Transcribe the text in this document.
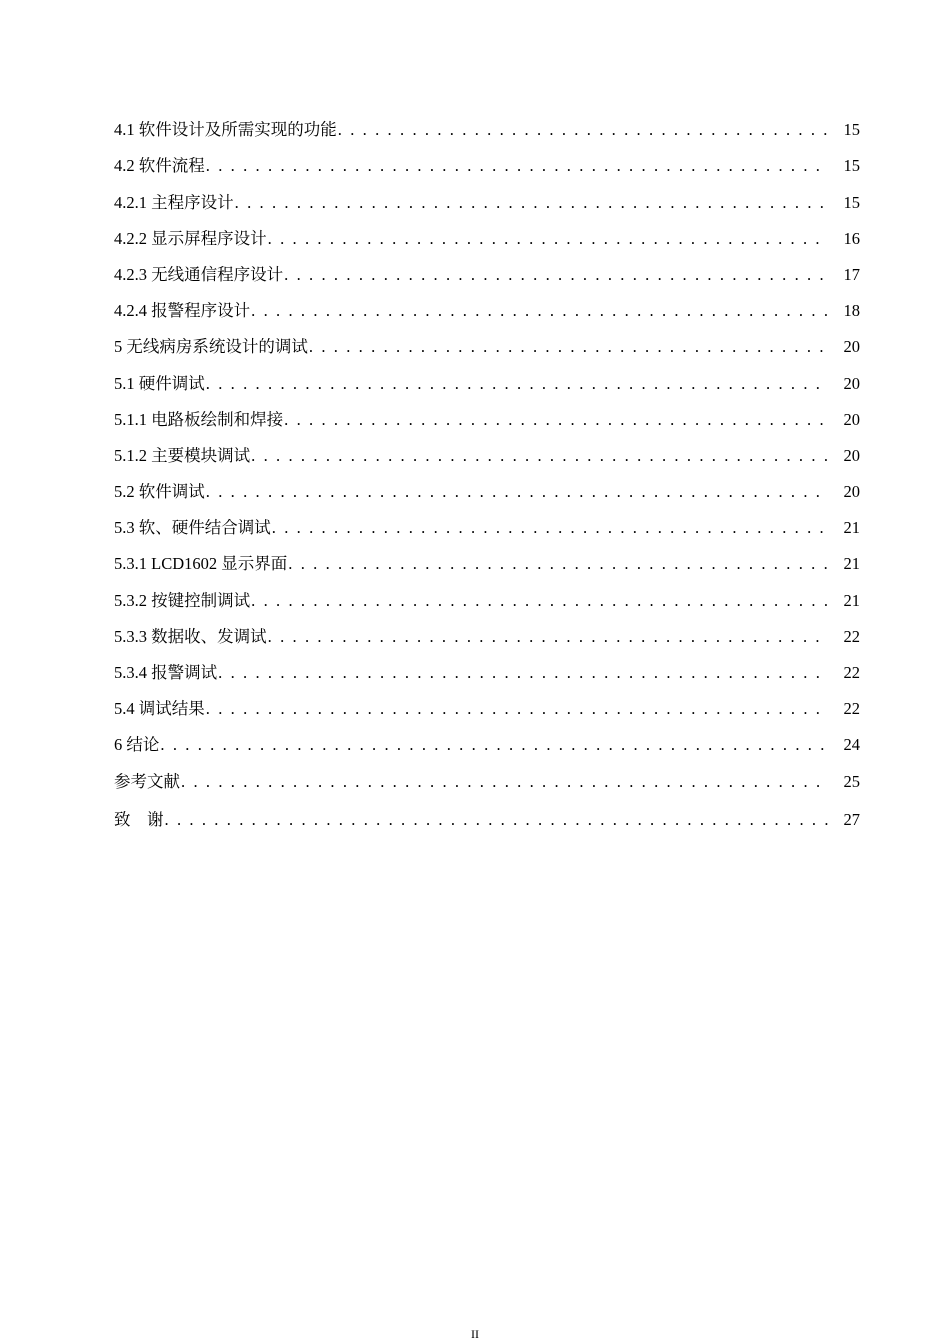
4.1 软件设计及所需实现的功能 . . .	15
4.2 软件流程 . . .	15
4.2.1 主程序设计 . . .	15
4.2.2 显示屏程序设计 . . .	16
4.2.3 无线通信程序设计 . . .	17
4.2.4 报警程序设计 . . .	18
5 无线病房系统设计的调试 . . .	20
5.1 硬件调试 . . .	20
5.1.1 电路板绘制和焊接 . . .	20
5.1.2 主要模块调试 . . .	20
5.2 软件调试 . . .	20
5.3 软、硬件结合调试 . . .	21
5.3.1 LCD1602 显示界面 . . .	21
5.3.2 按键控制调试 . . .	21
5.3.3 数据收、发调试 . . .	22
5.3.4 报警调试 . . .	22
5.4 调试结果 . . .	22
6 结论 . . .	24
参考文献 . . .	25
致    谢 . . .	27
II
